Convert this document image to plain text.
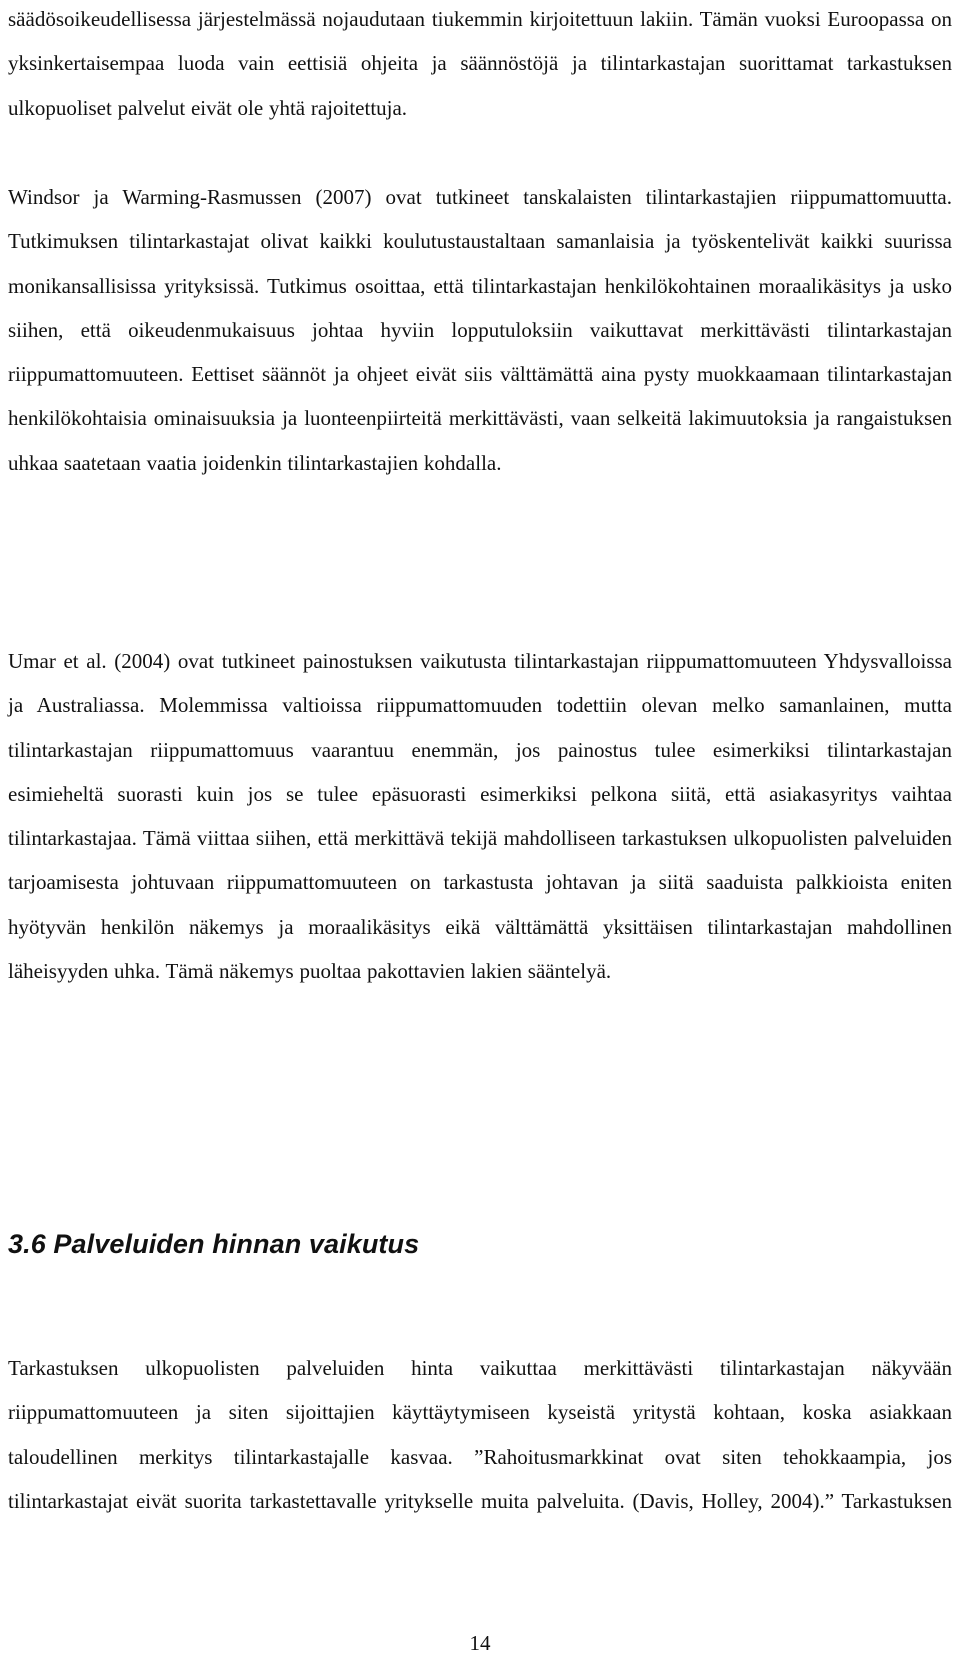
säädösoikeudellisessa järjestelmässä nojaudutaan tiukemmin kirjoitettuun lakiin. Tämän vuoksi Euroopassa on yksinkertaisempaa luoda vain eettisiä ohjeita ja säännöstöjä ja tilintarkastajan suorittamat tarkastuksen ulkopuoliset palvelut eivät ole yhtä rajoitettuja.

Windsor ja Warming-Rasmussen (2007) ovat tutkineet tanskalaisten tilintarkastajien riippumattomuutta. Tutkimuksen tilintarkastajat olivat kaikki koulutustaustaltaan samanlaisia ja työskentelivät kaikki suurissa monikansallisissa yrityksissä. Tutkimus osoittaa, että tilintarkastajan henkilökohtainen moraalikäsitys ja usko siihen, että oikeudenmukaisuus johtaa hyviin lopputuloksiin vaikuttavat merkittävästi tilintarkastajan riippumattomuuteen. Eettiset säännöt ja ohjeet eivät siis välttämättä aina pysty muokkaamaan tilintarkastajan henkilökohtaisia ominaisuuksia ja luonteenpiirteitä merkittävästi, vaan selkeitä lakimuutoksia ja rangaistuksen uhkaa saatetaan vaatia joidenkin tilintarkastajien kohdalla.

Umar et al. (2004) ovat tutkineet painostuksen vaikutusta tilintarkastajan riippumattomuuteen Yhdysvalloissa ja Australiassa. Molemmissa valtioissa riippumattomuuden todettiin olevan melko samanlainen, mutta tilintarkastajan riippumattomuus vaarantuu enemmän, jos painostus tulee esimerkiksi tilintarkastajan esimieheltä suorasti kuin jos se tulee epäsuorasti esimerkiksi pelkona siitä, että asiakasyritys vaihtaa tilintarkastajaa. Tämä viittaa siihen, että merkittävä tekijä mahdolliseen tarkastuksen ulkopuolisten palveluiden tarjoamisesta johtuvaan riippumattomuuteen on tarkastusta johtavan ja siitä saaduista palkkioista eniten hyötyvän henkilön näkemys ja moraalikäsitys eikä välttämättä yksittäisen tilintarkastajan mahdollinen läheisyyden uhka. Tämä näkemys puoltaa pakottavien lakien sääntelyä.

3.6 Palveluiden hinnan vaikutus

Tarkastuksen ulkopuolisten palveluiden hinta vaikuttaa merkittävästi tilintarkastajan näkyvään riippumattomuuteen ja siten sijoittajien käyttäytymiseen kyseistä yritystä kohtaan, koska asiakkaan taloudellinen merkitys tilintarkastajalle kasvaa. ”Rahoitusmarkkinat ovat siten tehokkaampia, jos tilintarkastajat eivät suorita tarkastettavalle yritykselle muita palveluita. (Davis, Holley, 2004).” Tarkastuksen

14
